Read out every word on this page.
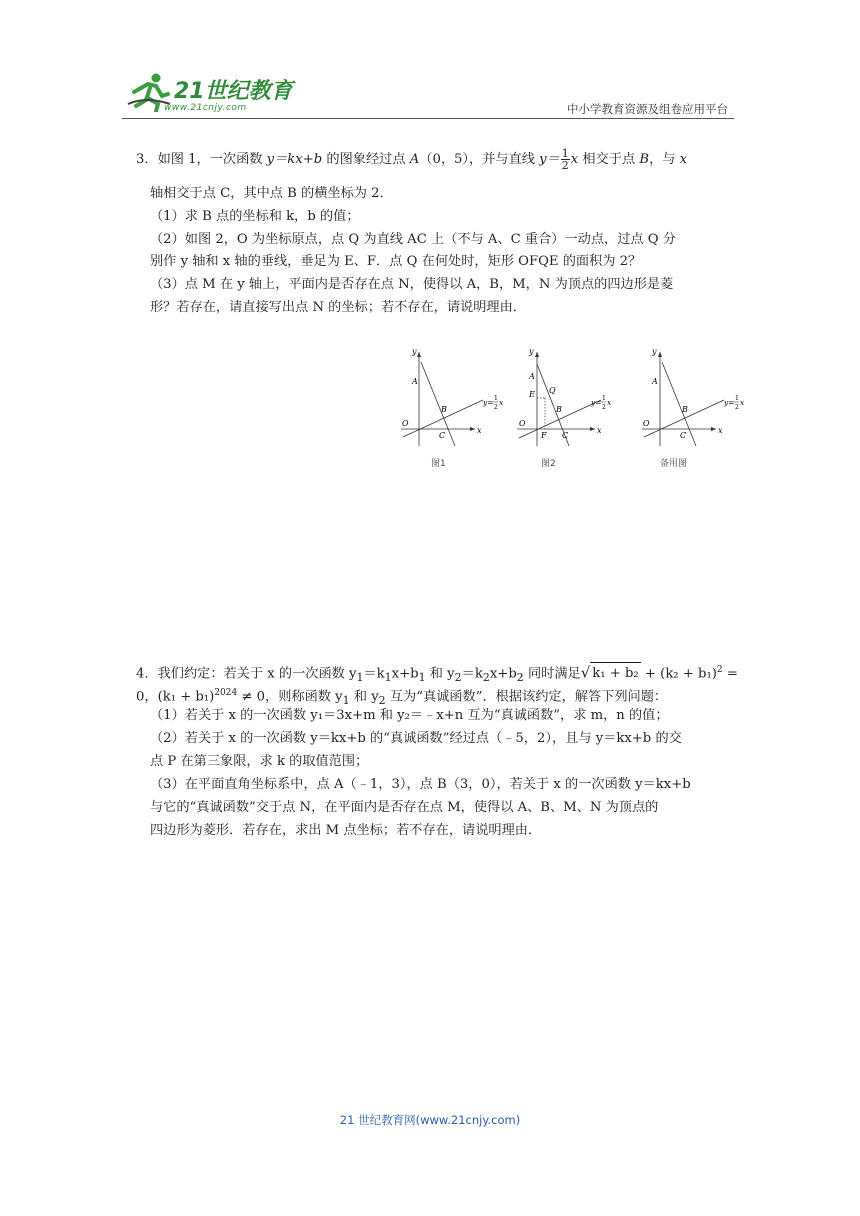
21世纪教育
www.21cnjy.com	中小学教育资源及组卷应用平台
3．如图 1，一次函数 y＝kx+b 的图象经过点 A（0，5），并与直线 $y= \frac{1}{2}$ x 相交于点 B，与 x
轴相交于点 C，其中点 B 的横坐标为 2．
（1）求 B 点的坐标和 k，b 的值；
（2）如图 2，O 为坐标原点，点 Q 为直线 AC 上（不与 A、C 重合）一动点，过点 Q 分
别作 y 轴和 x 轴的垂线，垂足为 E、F．点 Q 在何处时，矩形 OFQE 的面积为 2？
（3）点 M 在 y 轴上，平面内是否存在点 N，使得以 A，B，M，N 为顶点的四边形是菱
形？若存在，请直接写出点 N 的坐标；若不存在，请说明理由．
y
x
A
B
C
O
y= 1
2
x
图1
y
x
A
Q
E
B
C
O
F
y= 1
2
x
图2
y
x
A
B
C
O
y= 1
2
x
备用图
4．我们约定：若关于 x 的一次函数 $y_1=k_1x+b_1$ 和 $y_2=k_2x+b_2$ 同时满足√ $k_1 + b_2 + (k_2 + b_1)^2$ =
0，$(k_1 + b_1)^{2024} \ne 0$，则称函数 $y_1$ 和 $y_2$ 互为“真诚函数”．根据该约定，解答下列问题：
（1）若关于 x 的一次函数 y₁＝3x+m 和 y₂＝﹣x+n 互为“真诚函数”，求 m，n 的值；
（2）若关于 x 的一次函数 y＝kx+b 的“真诚函数”经过点（﹣5，2），且与 y＝kx+b 的交
点 P 在第三象限，求 k 的取值范围；
（3）在平面直角坐标系中，点 A（﹣1，3），点 B（3，0），若关于 x 的一次函数 y＝kx+b
与它的“真诚函数”交于点 N，在平面内是否存在点 M，使得以 A、B、M、N 为顶点的
四边形为菱形．若存在，求出 M 点坐标；若不存在，请说明理由．
21 世纪教育网(www.21cnjy.com)
